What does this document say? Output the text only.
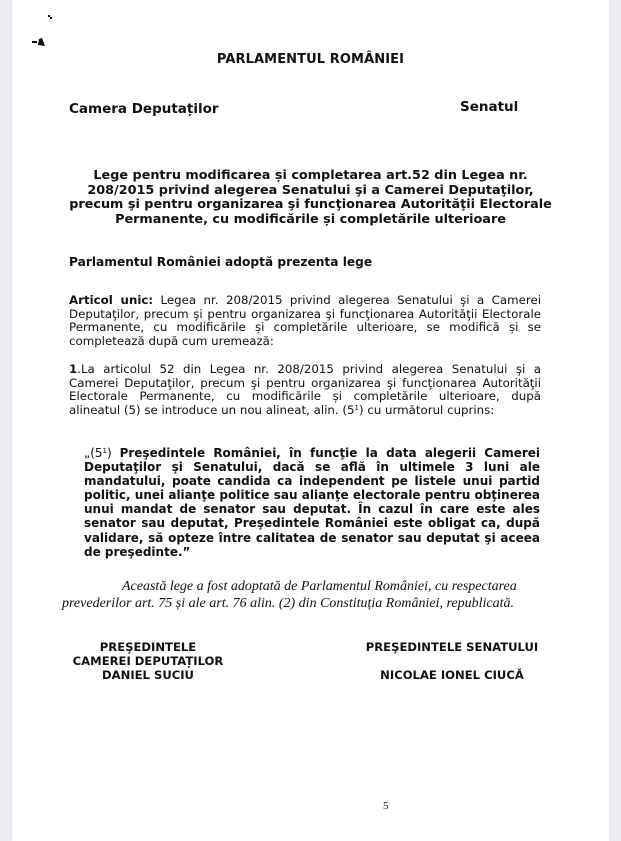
PARLAMENTUL ROMÂNIEI
Camera Deputaților	Senatul
Lege pentru modificarea și completarea art.52 din Legea nr.
208/2015 privind alegerea Senatului şi a Camerei Deputaţilor,
precum şi pentru organizarea şi funcţionarea Autorităţii Electorale
Permanente, cu modificările și completările ulterioare
Parlamentul României adoptă prezenta lege
Articol unic: Legea nr. 208/2015 privind alegerea Senatului şi a Camerei Deputaţilor, precum şi pentru organizarea şi funcţionarea Autorităţii Electorale Permanente, cu modificările și completările ulterioare, se modifică și se completează după cum uremează:
1.La articolul 52 din Legea nr. 208/2015 privind alegerea Senatului şi a Camerei Deputaţilor, precum şi pentru organizarea şi funcţionarea Autorităţii Electorale Permanente, cu modificările și completările ulterioare, după alineatul (5) se introduce un nou alineat, alin. $(5^1)$ cu următorul cuprins:
$„(5^1)$ Preşedintele României, în funcţie la data alegerii Camerei Deputaţilor şi Senatului, dacă se află în ultimele 3 luni ale mandatului, poate candida ca independent pe listele unui partid politic, unei alianţe politice sau alianţe electorale pentru obţinerea unui mandat de senator sau deputat. În cazul în care este ales senator sau deputat, Preşedintele României este obligat ca, după validare, să opteze între calitatea de senator sau deputat şi aceea de preşedinte.”
Această lege a fost adoptată de Parlamentul României, cu respectarea
prevederilor art. 75 și ale art. 76 alin. (2) din Constituția României, republicată.
PREŞEDINTELE
CAMEREI DEPUTAȚILOR
DANIEL SUCIU
PREŞEDINTELE SENATULUI
NICOLAE IONEL CIUCĂ
5
